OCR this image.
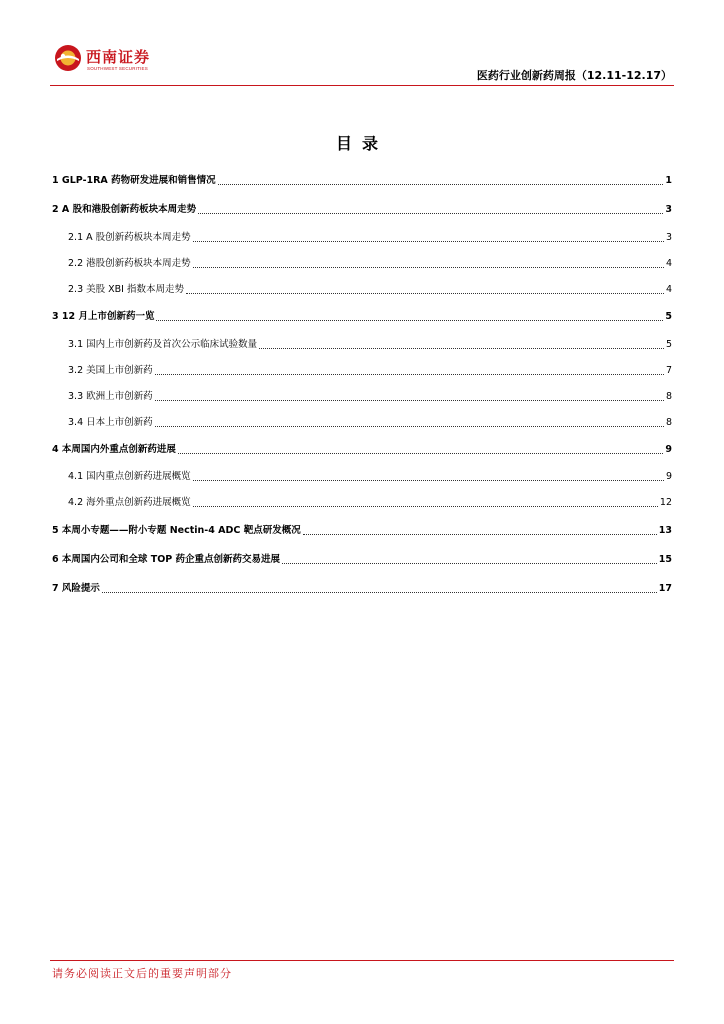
西南证券
SOUTHWEST SECURITIES
医药行业创新药周报（12.11-12.17）
目录
1 GLP-1RA 药物研发进展和销售情况	1
2 A 股和港股创新药板块本周走势	3
2.1 A 股创新药板块本周走势	3
2.2 港股创新药板块本周走势	4
2.3 美股 XBI 指数本周走势	4
3 12 月上市创新药一览	5
3.1 国内上市创新药及首次公示临床试验数量	5
3.2 美国上市创新药	7
3.3 欧洲上市创新药	8
3.4 日本上市创新药	8
4 本周国内外重点创新药进展	9
4.1 国内重点创新药进展概览	9
4.2 海外重点创新药进展概览	12
5 本周小专题——附小专题 Nectin-4 ADC 靶点研发概况	13
6 本周国内公司和全球 TOP 药企重点创新药交易进展	15
7 风险提示	17
请务必阅读正文后的重要声明部分
